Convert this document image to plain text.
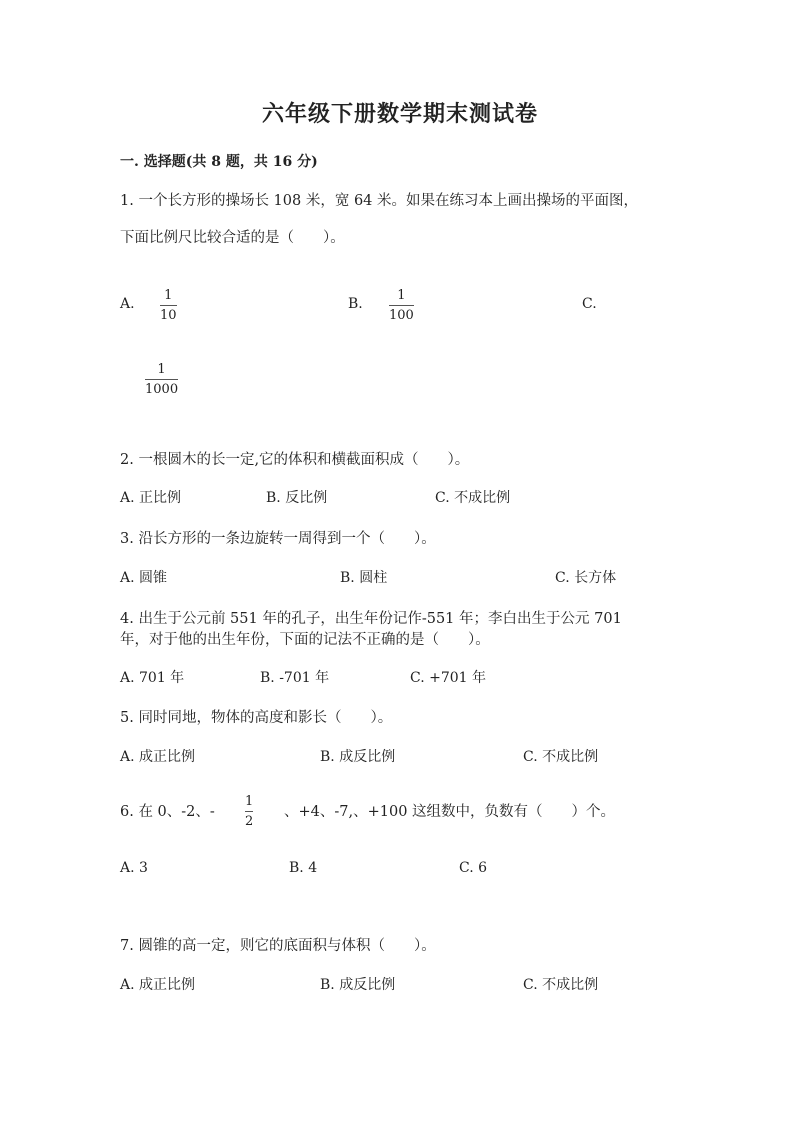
六年级下册数学期末测试卷
一. 选择题(共 8 题，共 16 分)
1. 一个长方形的操场长 108 米，宽 64 米。如果在练习本上画出操场的平面图，
下面比例尺比较合适的是（　　）。
A.
1
10
B.
1
100
C.
1
1000
2. 一根圆木的长一定,它的体积和横截面积成（　　）。
A. 正比例	B. 反比例	C. 不成比例
3. 沿长方形的一条边旋转一周得到一个（　　）。
A. 圆锥	B. 圆柱	C. 长方体
4. 出生于公元前 551 年的孔子，出生年份记作-551 年；李白出生于公元 701
年，对于他的出生年份，下面的记法不正确的是（　　）。
A. 701 年	B. -701 年	C. +701 年
5. 同时同地，物体的高度和影长（　　）。
A. 成正比例	B. 成反比例	C. 不成比例
6. 在 0、-2、-
1
2
、+4、-7,、+100 这组数中，负数有（　　）个。
A. 3	B. 4	C. 6
7. 圆锥的高一定，则它的底面积与体积（　　）。
A. 成正比例	B. 成反比例	C. 不成比例
